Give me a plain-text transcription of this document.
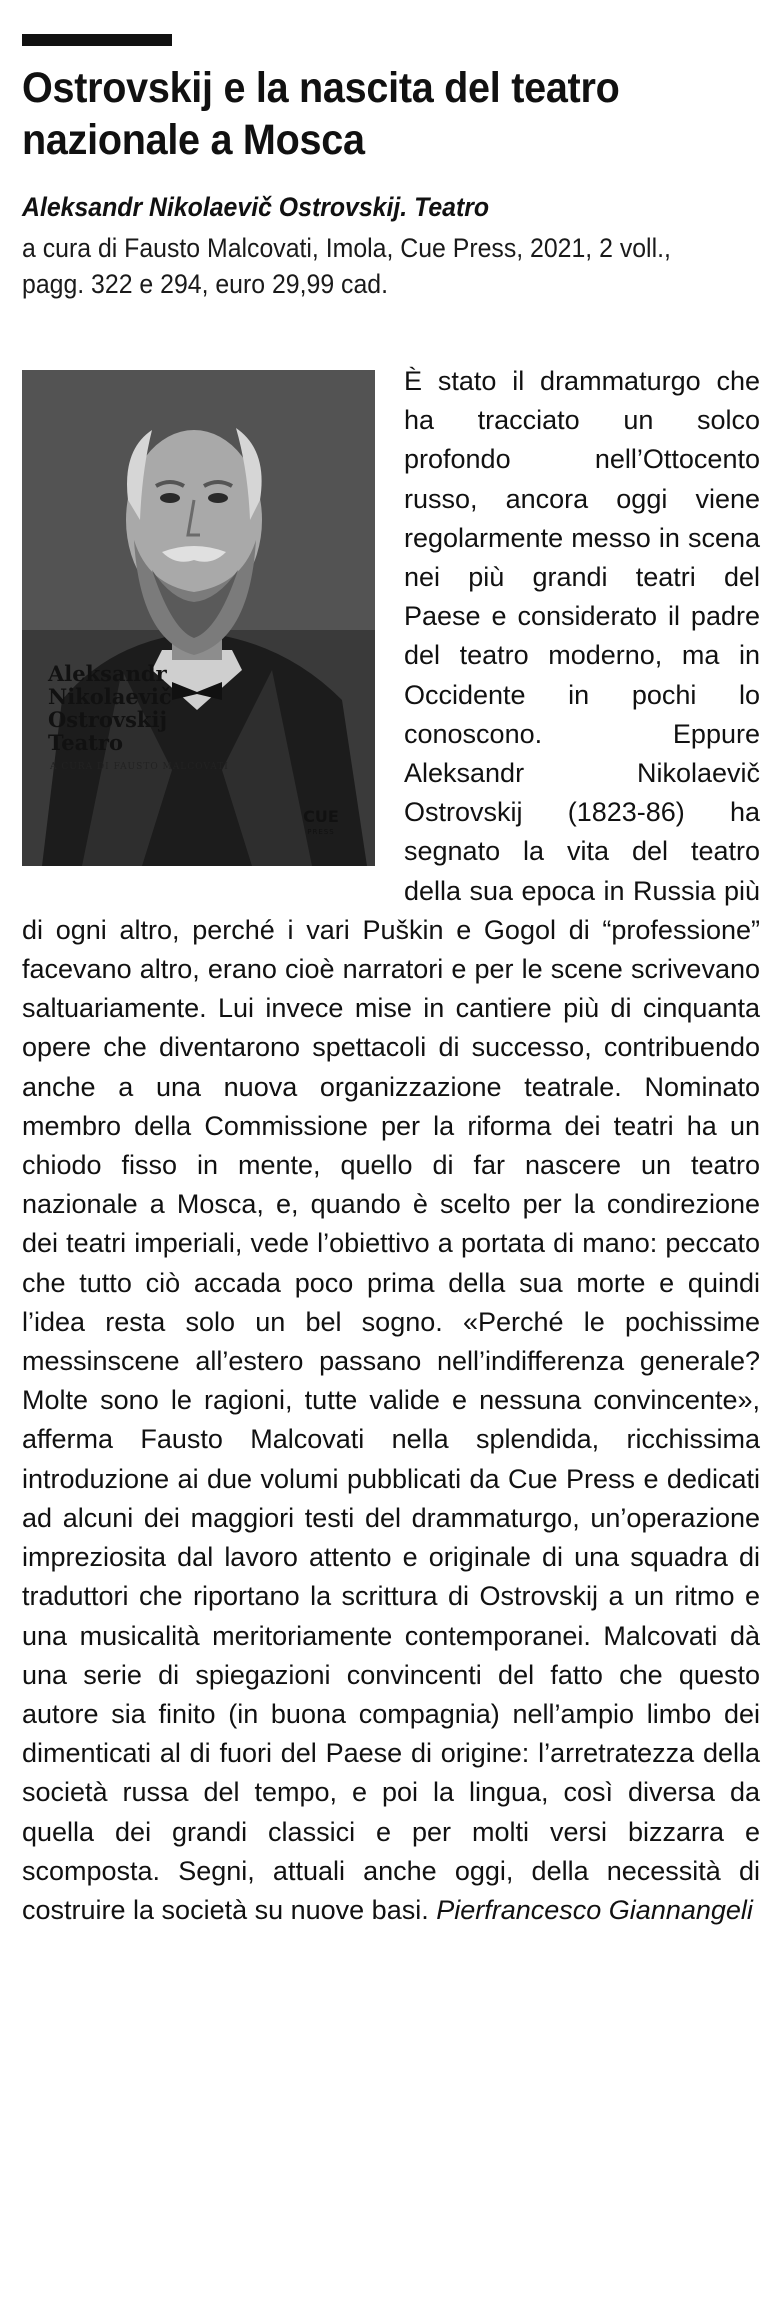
Ostrovskij e la nascita del teatro nazionale a Mosca
Aleksandr Nikolaevič Ostrovskij. Teatro

a cura di Fausto Malcovati, Imola, Cue Press, 2021, 2 voll., pagg. 322 e 294, euro 29,99 cad.

Aleksandr
Nikolaevič
Ostrovskij
Teatro
A CURA DI FAUSTO MALCOVATI
CUE
PRESS

È stato il drammaturgo che ha tracciato un solco profondo nell’Ottocento russo, ancora oggi viene regolarmente messo in scena nei più grandi teatri del Paese e considerato il padre del teatro moderno, ma in Occidente in pochi lo conoscono. Eppure Aleksandr Nikolaevič Ostrovskij (1823-86) ha segnato la vita del teatro della sua epoca in Russia più di ogni altro, perché i vari Puškin e Gogol di “professione” facevano altro, erano cioè narratori e per le scene scrivevano saltuariamente. Lui invece mise in cantiere più di cinquanta opere che diventarono spettacoli di successo, contribuendo anche a una nuova organizzazione teatrale. Nominato membro della Commissione per la riforma dei teatri ha un chiodo fisso in mente, quello di far nascere un teatro nazionale a Mosca, e, quando è scelto per la condirezione dei teatri imperiali, vede l’obiettivo a portata di mano: peccato che tutto ciò accada poco prima della sua morte e quindi l’idea resta solo un bel sogno. «Perché le pochissime messinscene all’estero passano nell’indifferenza generale? Molte sono le ragioni, tutte valide e nessuna convincente», afferma Fausto Malcovati nella splendida, ricchissima introduzione ai due volumi pubblicati da Cue Press e dedicati ad alcuni dei maggiori testi del drammaturgo, un’operazione impreziosita dal lavoro attento e originale di una squadra di traduttori che riportano la scrittura di Ostrovskij a un ritmo e una musicalità meritoriamente contemporanei. Malcovati dà una serie di spiegazioni convincenti del fatto che questo autore sia finito (in buona compagnia) nell’ampio limbo dei dimenticati al di fuori del Paese di origine: l’arretratezza della società russa del tempo, e poi la lingua, così diversa da quella dei grandi classici e per molti versi bizzarra e scomposta. Segni, attuali anche oggi, della necessità di costruire la società su nuove basi. Pierfrancesco Giannangeli
